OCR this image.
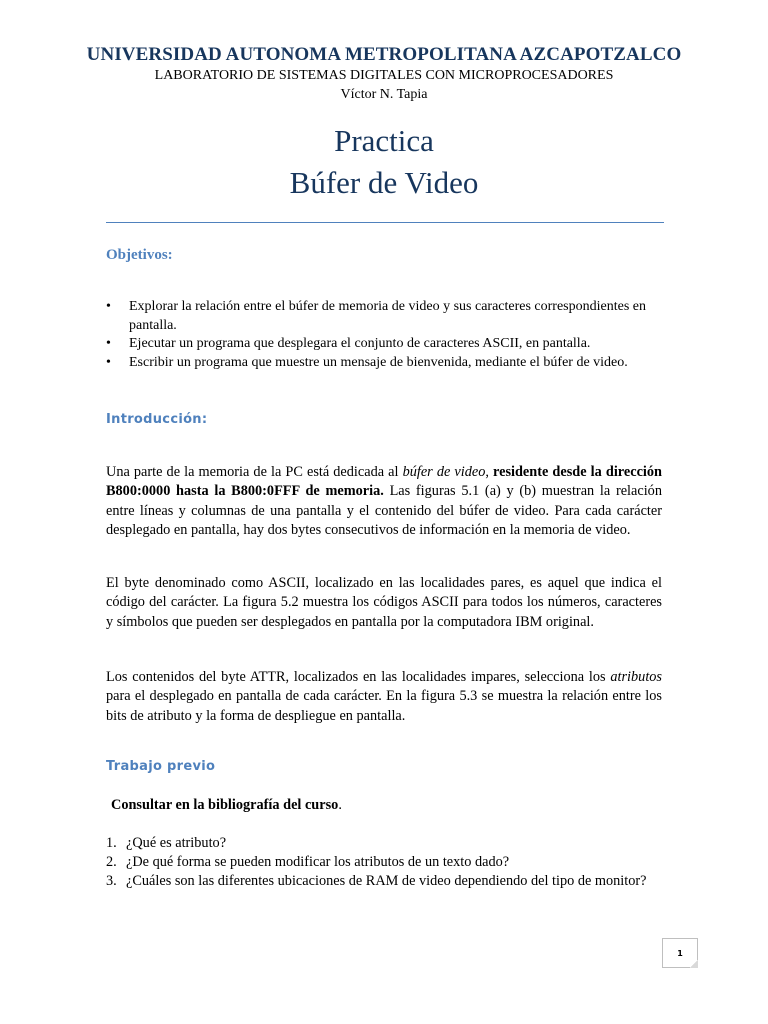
UNIVERSIDAD AUTONOMA METROPOLITANA AZCAPOTZALCO
LABORATORIO DE SISTEMAS DIGITALES CON MICROPROCESADORES
Víctor N. Tapia
Practica
Búfer de Video
Objetivos:
• Explorar la relación entre el búfer de memoria de video y sus caracteres correspondientes en pantalla.
• Ejecutar un programa que desplegara el conjunto de caracteres ASCII, en pantalla.
• Escribir un programa que muestre un mensaje de bienvenida, mediante el búfer de video.
Introducción:

Una parte de la memoria de la PC está dedicada al búfer de video, residente desde la dirección B800:0000 hasta la B800:0FFF de memoria. Las figuras 5.1 (a) y (b) muestran la relación entre líneas y columnas de una pantalla y el contenido del búfer de video. Para cada carácter desplegado en pantalla, hay dos bytes consecutivos de información en la memoria de video.

El byte denominado como ASCII, localizado en las localidades pares, es aquel que indica el código del carácter. La figura 5.2 muestra los códigos ASCII para todos los números, caracteres y símbolos que pueden ser desplegados en pantalla por la computadora IBM original.

Los contenidos del byte ATTR, localizados en las localidades impares, selecciona los atributos para el desplegado en pantalla de cada carácter. En la figura 5.3 se muestra la relación entre los bits de atributo y la forma de despliegue en pantalla.

Trabajo previo
Consultar en la bibliografía del curso.
1. ¿Qué es atributo?
2. ¿De qué forma se pueden modificar los atributos de un texto dado?
3. ¿Cuáles son las diferentes ubicaciones de RAM de video dependiendo del tipo de monitor?
1
